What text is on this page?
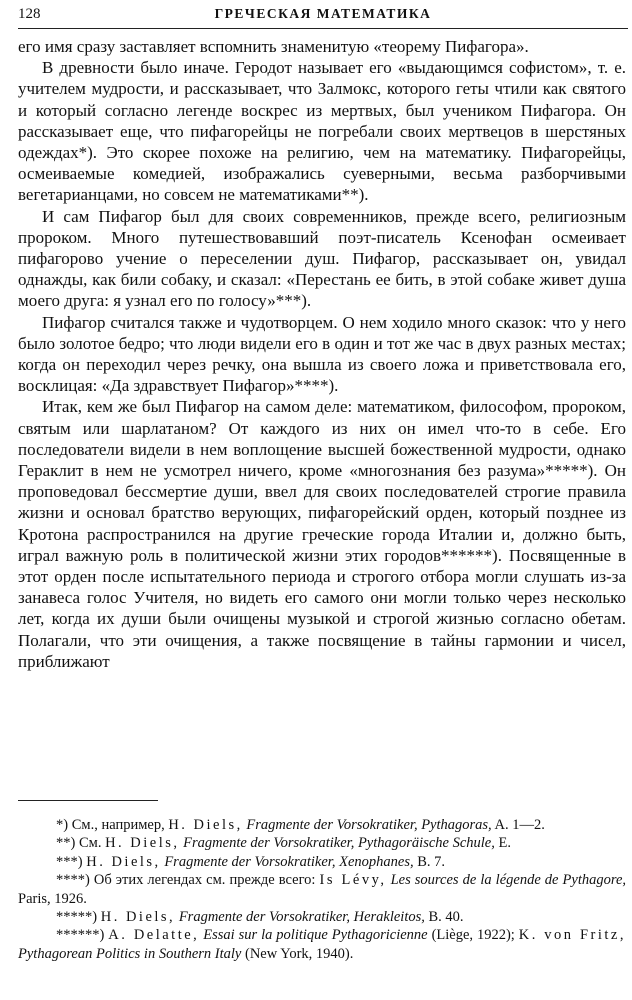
128	ГРЕЧЕСКАЯ МАТЕМАТИКА

его имя сразу заставляет вспомнить знаменитую «теорему Пифагора».

В древности было иначе. Геродот называет его «выдающимся софистом», т. е. учителем мудрости, и рассказывает, что Залмокс, которого геты чтили как святого и который согласно легенде воскрес из мертвых, был учеником Пифагора. Он рассказывает еще, что пифагорейцы не погребали своих мертвецов в шерстяных одеждах*). Это скорее похоже на религию, чем на математику. Пифагорейцы, осмеиваемые комедией, изображались суеверными, весьма разборчивыми вегетарианцами, но совсем не математиками**).

И сам Пифагор был для своих современников, прежде всего, религиозным пророком. Много путешествовавший поэт-писатель Ксенофан осмеивает пифагорово учение о переселении душ. Пифагор, рассказывает он, увидал однажды, как били собаку, и сказал: «Перестань ее бить, в этой собаке живет душа моего друга: я узнал его по голосу»***).

Пифагор считался также и чудотворцем. О нем ходило много сказок: что у него было золотое бедро; что люди видели его в один и тот же час в двух разных местах; когда он переходил через речку, она вышла из своего ложа и приветствовала его, восклицая: «Да здравствует Пифагор»****).

Итак, кем же был Пифагор на самом деле: математиком, философом, пророком, святым или шарлатаном? От каждого из них он имел что-то в себе. Его последователи видели в нем воплощение высшей божественной мудрости, однако Гераклит в нем не усмотрел ничего, кроме «многознания без разума»*****). Он проповедовал бессмертие души, ввел для своих последователей строгие правила жизни и основал братство верующих, пифагорейский орден, который позднее из Кротона распространился на другие греческие города Италии и, должно быть, играл важную роль в политической жизни этих городов******). Посвященные в этот орден после испытательного периода и строгого отбора могли слушать из-за занавеса голос Учителя, но видеть его самого они могли только через несколько лет, когда их души были очищены музыкой и строгой жизнью согласно обетам. Полагали, что эти очищения, а также посвящение в тайны гармонии и чисел, приближают

*) См., например, H. Diels, Fragmente der Vorsokratiker, Pythagoras, A. 1—2.
**) См. H. Diels, Fragmente der Vorsokratiker, Pythagoräische Schule, E.
***) H. Diels, Fragmente der Vorsokratiker, Xenophanes, B. 7.
****) Об этих легендах см. прежде всего: Is Lévy, Les sources de la légende de Pythagore, Paris, 1926.
*****) H. Diels, Fragmente der Vorsokratiker, Herakleitos, B. 40.
******) A. Delatte, Essai sur la politique Pythagoricienne (Liège, 1922); K. von Fritz, Pythagorean Politics in Southern Italy (New York, 1940).
